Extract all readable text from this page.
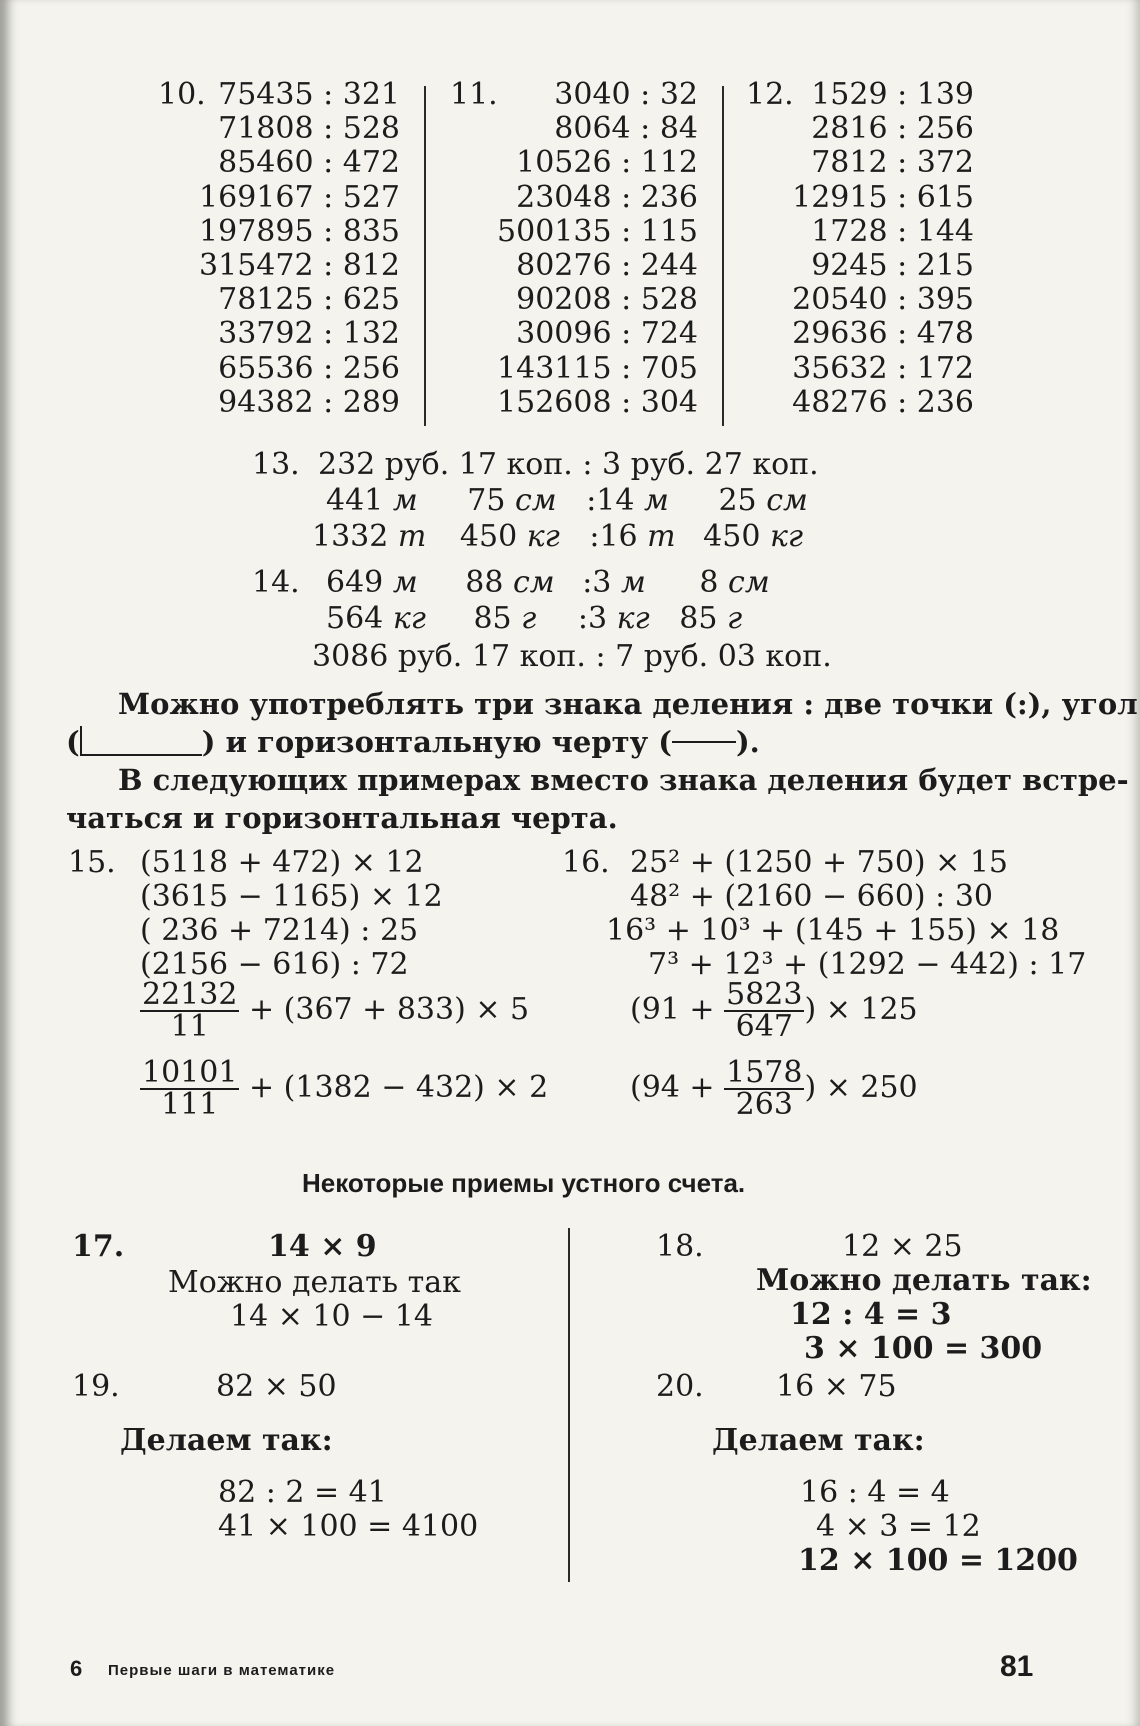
10. 75435 : 321
71808 : 528
85460 : 472
169167 : 527
197895 : 835
315472 : 812
78125 : 625
33792 : 132
65536 : 256
94382 : 289
11.	3040 : 32
8064 : 84
10526 : 112
23048 : 236
500135 : 115
80276 : 244
90208 : 528
30096 : 724
143115 : 705
152608 : 304
12. 1529 : 139
2816 : 256
7812 : 372
12915 : 615
1728 : 144
9245 : 215
20540 : 395
29636 : 478
35632 : 172
48276 : 236
13. 232 руб. 17 коп. : 3 руб. 27 коп.
441 м 75 см :14 м 25 см
1332 т 450 кг :16 т 450 кг
14. 649 м 88 см :3 м 8 см
564 кг 85 г :3 кг 85 г
3086 руб. 17 коп. : 7 руб. 03 коп.
Можно употреблять три знака деления : две точки (:), угол
(	) и горизонтальную черту ( ).
В следующих примерах вместо знака деления будет встре-
чаться и горизонтальная черта.
15. (5118 + 472) × 12
(3615 − 1165) × 12
( 236 + 7214) : 25
(2156 − 616) : 72
$\frac{22132}{11} + (367 + 833) \times 5$
$\frac{10101}{111} + (1382 - 432) \times 2$
16. 25² + (1250 + 750) × 15
48² + (2160 − 660) : 30
16³ + 10³ + (145 + 155) × 18
7³ + 12³ + (1292 − 442) : 17
($91 + \frac{5823}{647}$ ) × 125
($94 + \frac{1578}{263}$ ) × 250
Некоторые приемы устного счета.
17.	14 × 9
Можно делать так
14 × 10 − 14
18.	12 × 25
Можно делать так:
12 : 4 = 3
3 × 100 = 300
19.	82 × 50
Делаем так:
82 : 2 = 41
41 × 100 = 4100
20. 16 × 75
Делаем так:
16 : 4 = 4
4 × 3 = 12
12 × 100 = 1200
6 Первые шаги в математике	81
